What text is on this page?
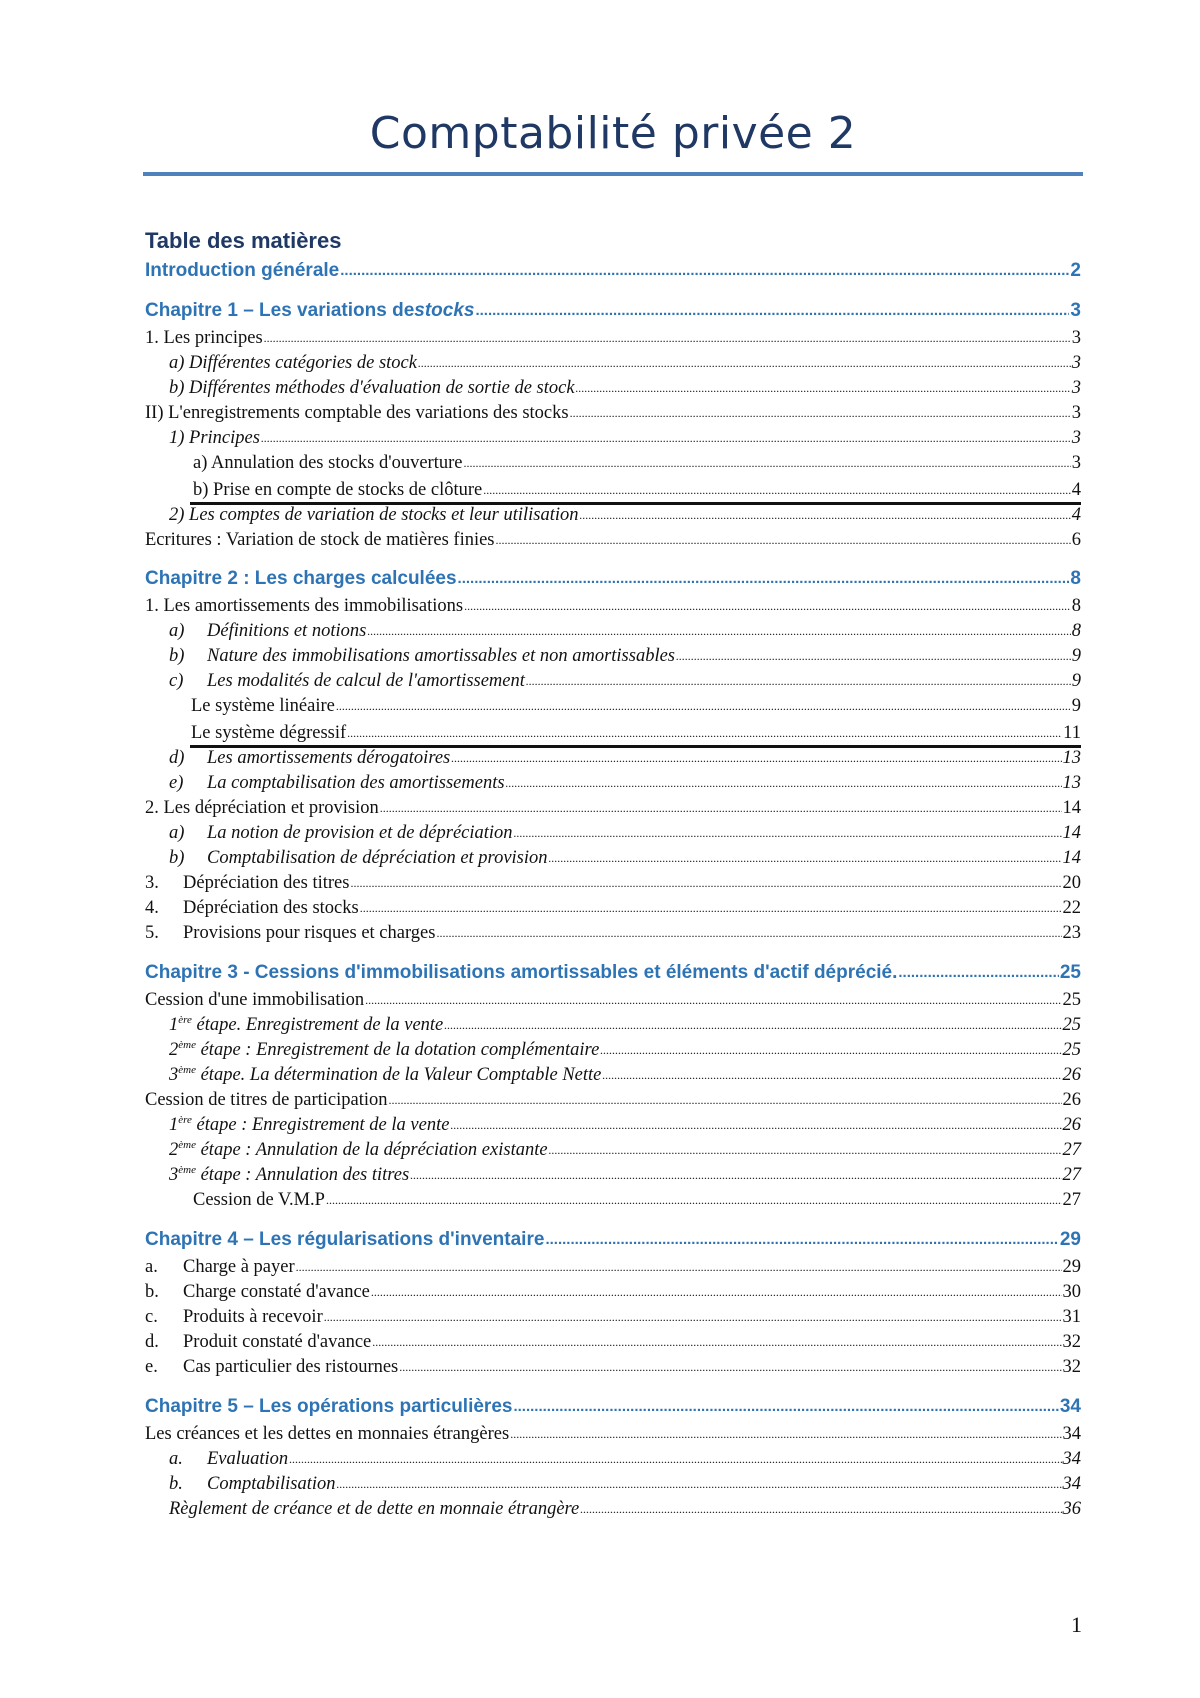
Comptabilité privée 2
Table des matières
Introduction générale .....	2
Chapitre 1 – Les variations de stocks .....	3
1. Les principes .....	3
a) Différentes catégories de stock .....	3
b) Différentes méthodes d'évaluation de sortie de stock .....	3
II) L'enregistrements comptable des variations des stocks .....	3
1) Principes .....	3
a) Annulation des stocks d'ouverture .....	3
b) Prise en compte de stocks de clôture .....	4
2) Les comptes de variation de stocks et leur utilisation .....	4
Ecritures : Variation de stock de matières finies .....	6
Chapitre 2 : Les charges calculées .....	8
1. Les amortissements des immobilisations .....	8
a)	Définitions et notions .....	8
b)	Nature des immobilisations amortissables et non amortissables .....	9
c)	Les modalités de calcul de l'amortissement .....	9
Le système linéaire .....	9
Le système dégressif .....	11
d)	Les amortissements dérogatoires .....	13
e)	La comptabilisation des amortissements .....	13
2. Les dépréciation et provision .....	14
a)	La notion de provision et de dépréciation .....	14
b)	Comptabilisation de dépréciation et provision .....	14
3.	Dépréciation des titres .....	20
4.	Dépréciation des stocks .....	22
5.	Provisions pour risques et charges .....	23
Chapitre 3 - Cessions d'immobilisations amortissables et éléments d'actif déprécié. .....	25
Cession d'une immobilisation .....	25
1ère étape. Enregistrement de la vente .....	25
2ème étape : Enregistrement de la dotation complémentaire .....	25
3ème étape. La détermination de la Valeur Comptable Nette .....	26
Cession de titres de participation .....	26
1ère étape : Enregistrement de la vente .....	26
2ème étape : Annulation de la dépréciation existante .....	27
3ème étape : Annulation des titres .....	27
Cession de V.M.P .....	27
Chapitre 4 – Les régularisations d'inventaire .....	29
a.	Charge à payer .....	29
b.	Charge constaté d'avance .....	30
c.	Produits à recevoir .....	31
d.	Produit constaté d'avance .....	32
e.	Cas particulier des ristournes .....	32
Chapitre 5 – Les opérations particulières .....	34
Les créances et les dettes en monnaies étrangères .....	34
a.	Evaluation .....	34
b.	Comptabilisation .....	34
Règlement de créance et de dette en monnaie étrangère .....	36
1
